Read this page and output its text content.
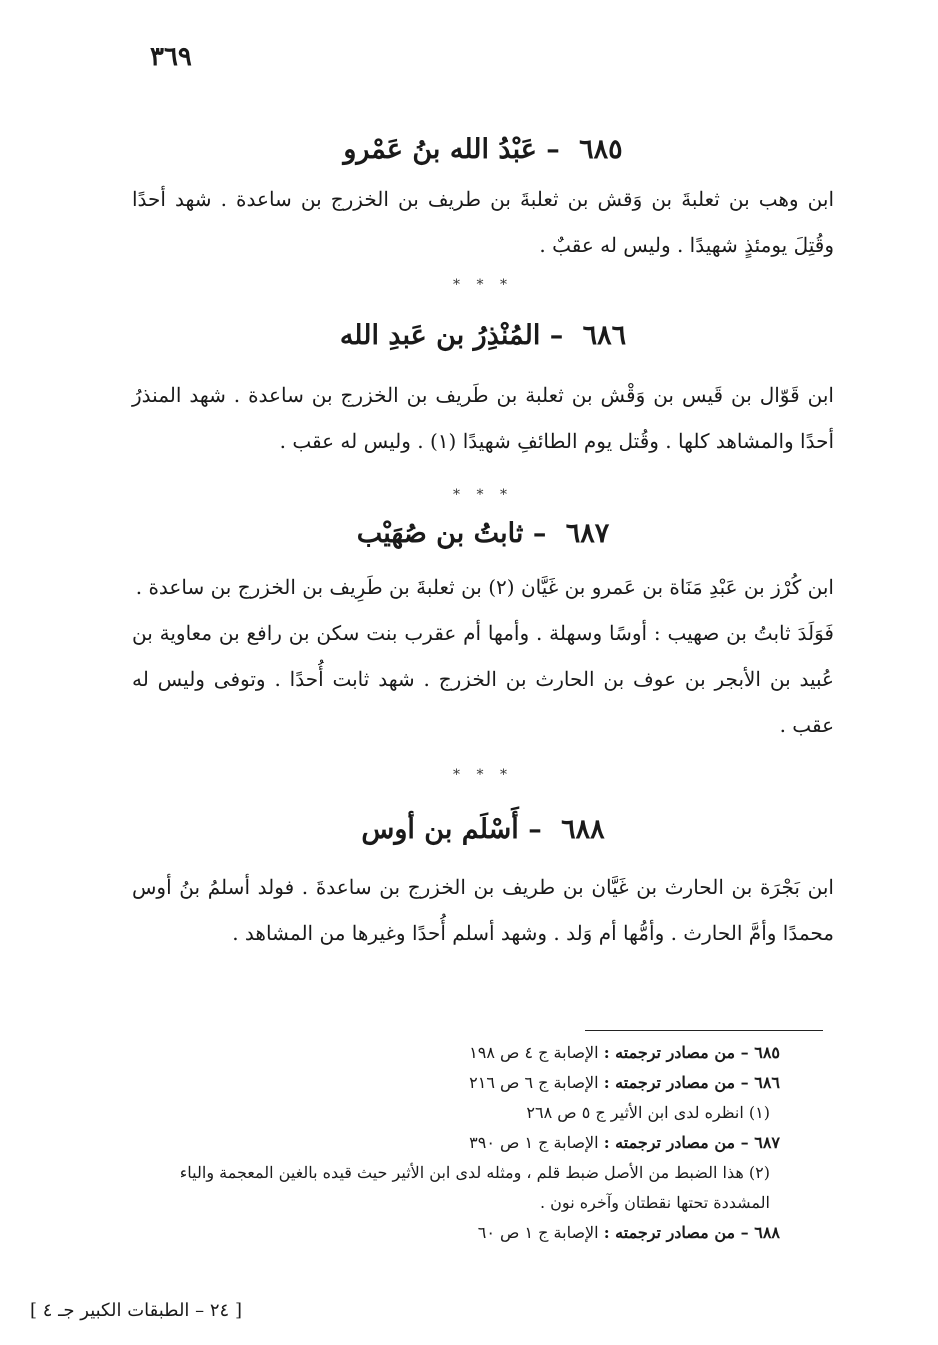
٣٦٩
٦٨٥ – عَبْدُ الله بنُ عَمْرو

ابن وهب بن ثعلبةَ بن وَقش بن ثعلبةَ بن طريف بن الخزرج بن ساعدة . شهد أحدًا وقُتِلَ يومئذٍ شهيدًا . وليس له عقبٌ .

* * *

٦٨٦ – المُنْذِرُ بن عَبدِ الله

ابن قَوّال بن قَيس بن وَقْش بن ثعلبة بن طَريف بن الخزرج بن ساعدة . شهد المنذرُ أحدًا والمشاهد كلها . وقُتل يوم الطائفِ شهيدًا (١) . وليس له عقب .

* * *

٦٨٧ – ثابتُ بن صُهَيْب

ابن كُرْز بن عَبْدِ مَنَاة بن عَمرو بن غَيَّان (٢) بن ثعلبةَ بن طَرِيف بن الخزرج بن ساعدة .

فَوَلَدَ ثابتُ بن صهيب : أوسًا وسهلة . وأمها أم عقرب بنت سكن بن رافع بن معاوية بن عُبيد بن الأبجر بن عوف بن الحارث بن الخزرج . شهد ثابت أُحدًا . وتوفى وليس له عقب .

* * *

٦٨٨ – أَسْلَم بن أوس

ابن بَجْرَة بن الحارث بن غَيَّان بن طريف بن الخزرج بن ساعدةَ . فولد أسلمُ بنُ أوس محمدًا وأمَّ الحارث . وأمُّها أم وَلد . وشهد أسلم أُحدًا وغيرها من المشاهد .

٦٨٥ – من مصادر ترجمته : الإصابة ج ٤ ص ١٩٨

٦٨٦ – من مصادر ترجمته : الإصابة ج ٦ ص ٢١٦

(١) انظره لدى ابن الأثير ج ٥ ص ٢٦٨

٦٨٧ – من مصادر ترجمته : الإصابة ج ١ ص ٣٩٠

(٢) هذا الضبط من الأصل ضبط قلم ، ومثله لدى ابن الأثير حيث قيده بالغين المعجمة والياء المشددة تحتها نقطتان وآخره نون .

٦٨٨ – من مصادر ترجمته : الإصابة ج ١ ص ٦٠

[ ٢٤ – الطبقات الكبير جـ ٤ ]
